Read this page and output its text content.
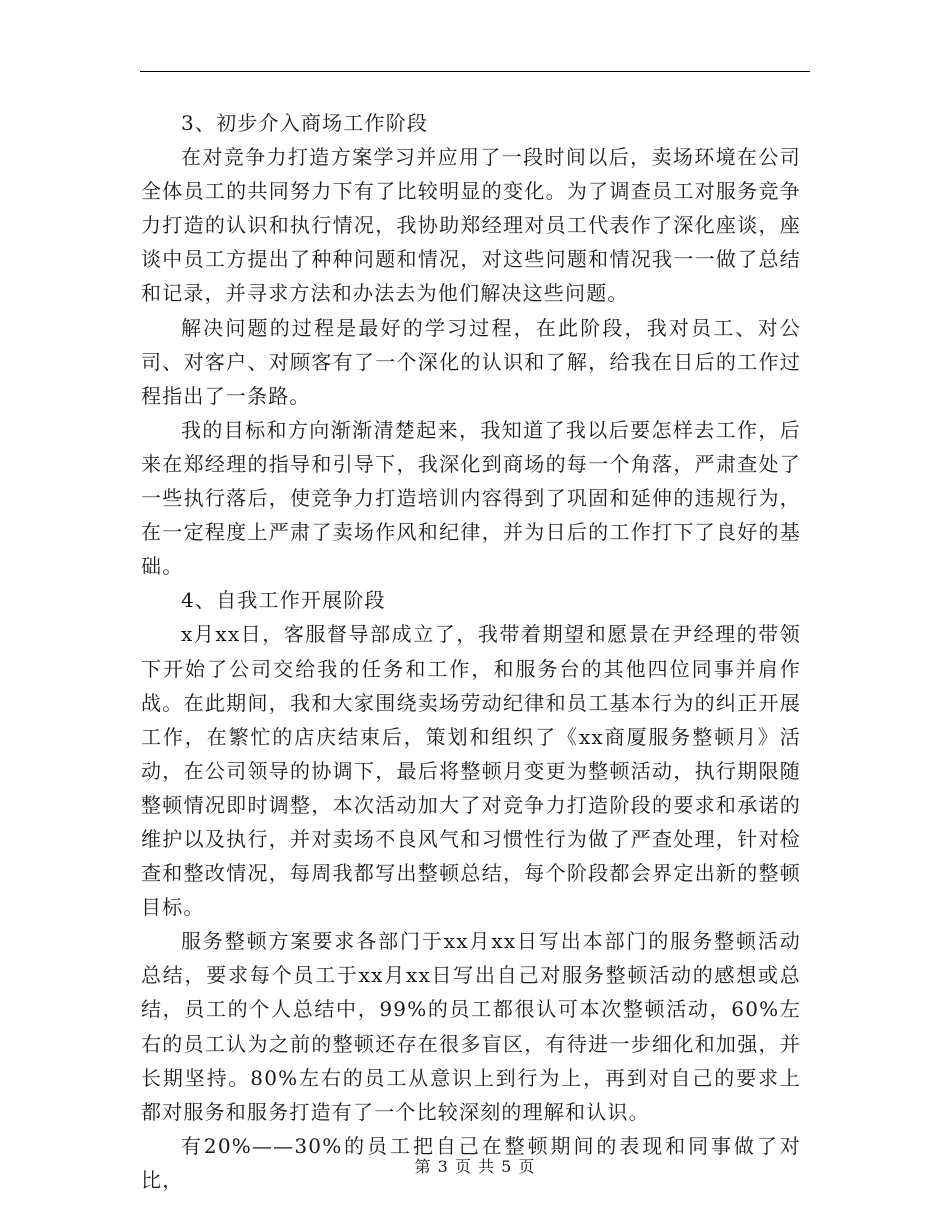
3、初步介入商场工作阶段

在对竞争力打造方案学习并应用了一段时间以后，卖场环境在公司全体员工的共同努力下有了比较明显的变化。为了调查员工对服务竞争力打造的认识和执行情况，我协助郑经理对员工代表作了深化座谈，座谈中员工方提出了种种问题和情况，对这些问题和情况我一一做了总结和记录，并寻求方法和办法去为他们解决这些问题。

解决问题的过程是最好的学习过程，在此阶段，我对员工、对公司、对客户、对顾客有了一个深化的认识和了解，给我在日后的工作过程指出了一条路。

我的目标和方向渐渐清楚起来，我知道了我以后要怎样去工作，后来在郑经理的指导和引导下，我深化到商场的每一个角落，严肃查处了一些执行落后，使竞争力打造培训内容得到了巩固和延伸的违规行为，在一定程度上严肃了卖场作风和纪律，并为日后的工作打下了良好的基础。

4、自我工作开展阶段

x月xx日，客服督导部成立了，我带着期望和愿景在尹经理的带领下开始了公司交给我的任务和工作，和服务台的其他四位同事并肩作战。在此期间，我和大家围绕卖场劳动纪律和员工基本行为的纠正开展工作，在繁忙的店庆结束后，策划和组织了《xx商厦服务整顿月》活动，在公司领导的协调下，最后将整顿月变更为整顿活动，执行期限随整顿情况即时调整，本次活动加大了对竞争力打造阶段的要求和承诺的维护以及执行，并对卖场不良风气和习惯性行为做了严查处理，针对检查和整改情况，每周我都写出整顿总结，每个阶段都会界定出新的整顿目标。

服务整顿方案要求各部门于xx月xx日写出本部门的服务整顿活动总结，要求每个员工于xx月xx日写出自己对服务整顿活动的感想或总结，员工的个人总结中，99%的员工都很认可本次整顿活动，60%左右的员工认为之前的整顿还存在很多盲区，有待进一步细化和加强，并长期坚持。80%左右的员工从意识上到行为上，再到对自己的要求上都对服务和服务打造有了一个比较深刻的理解和认识。

有20%——30%的员工把自己在整顿期间的表现和同事做了对比，

第 3 页 共 5 页
